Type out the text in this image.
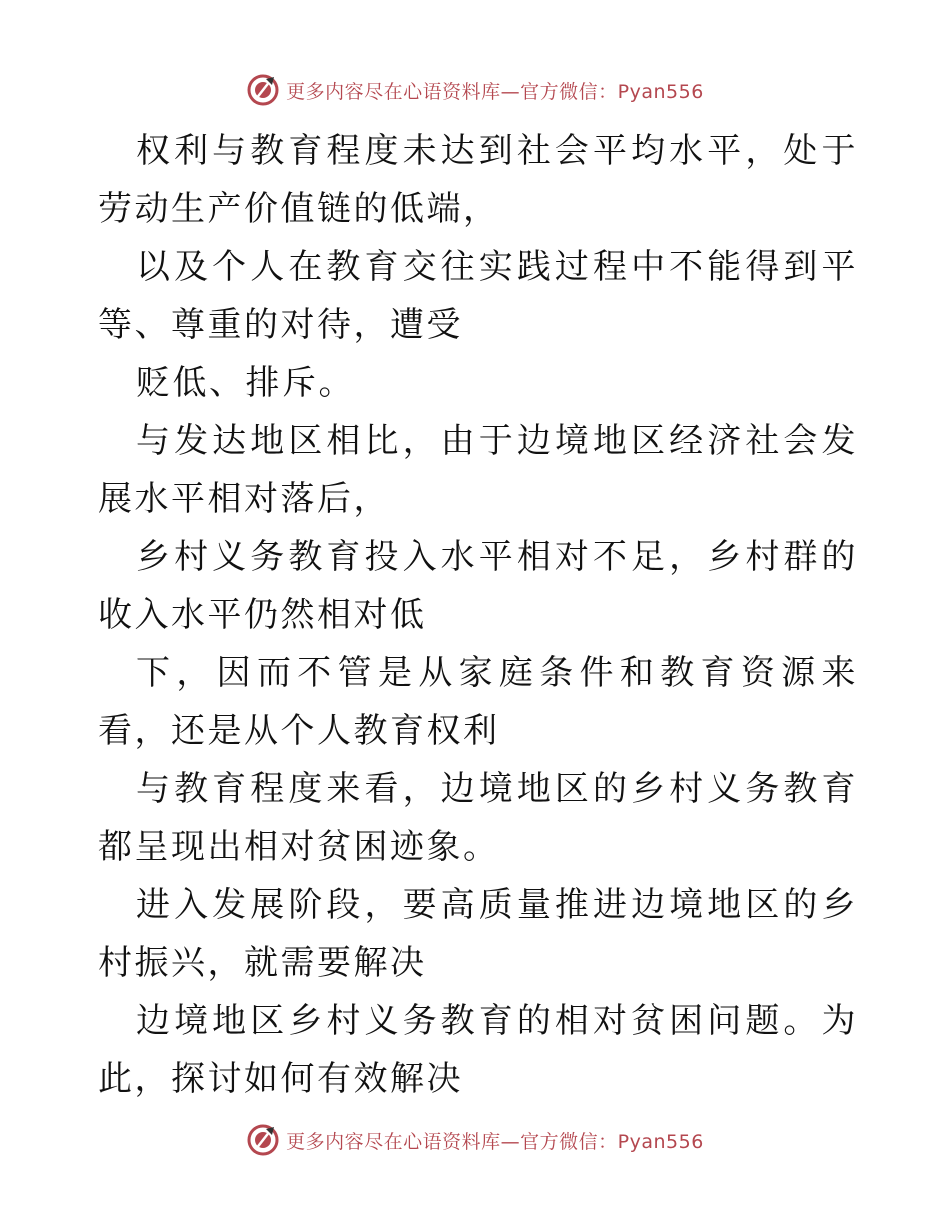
更多内容尽在心语资料库—官方微信：Pyan556

权利与教育程度未达到社会平均水平，处于劳动生产价值链的低端，

以及个人在教育交往实践过程中不能得到平等、尊重的对待，遭受

贬低、排斥。

与发达地区相比，由于边境地区经济社会发展水平相对落后，

乡村义务教育投入水平相对不足，乡村群的收入水平仍然相对低

下，因而不管是从家庭条件和教育资源来看，还是从个人教育权利

与教育程度来看，边境地区的乡村义务教育都呈现出相对贫困迹象。

进入发展阶段，要高质量推进边境地区的乡村振兴，就需要解决

边境地区乡村义务教育的相对贫困问题。为此，探讨如何有效解决

更多内容尽在心语资料库—官方微信：Pyan556
